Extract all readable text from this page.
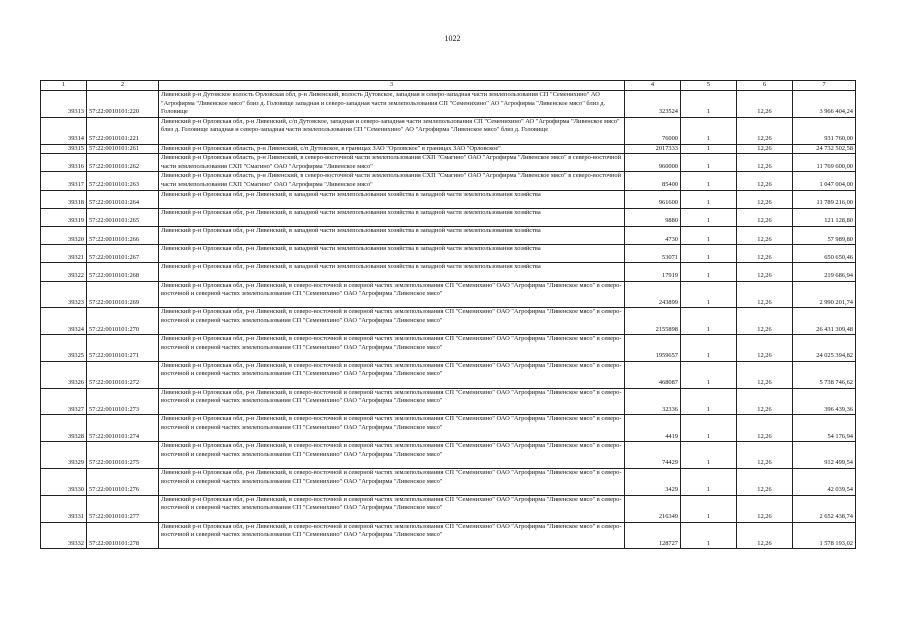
1022
1	2	3	4	5	6	7
39313	57:22:0010101:220	Ливенский р-н Дутовское волость Орловская обл, р-н Ливенский, волость Дутовское, западная и северо-западная части землепользования СП "Семенихино" АО "Агрофирма "Ливенское мясо" близ д. Головище западная и северо-западная части землепользования СП "Семенихино" АО "Агрофирма "Ливенское мясо" близ д. Головище	323524	1	12,26	3 966 404,24
39314	57:22:0010101:221	Ливенский р-н Орловская обл, р-н Ливенский, с/п Дутовское, западная и северо-западная части землепользования СП "Семенихино" АО "Агрофирма "Ливенское мясо" близ д. Головище западная и северо-западная части землепользования СП "Семенихино" АО "Агрофирма "Ливенское мясо" близ д. Головище	76000	1	12,26	931 760,00
39315	57:22:0010101:261	Ливенский р-н Орловская область, р-н Ливенский, с/п Дутовское, в границах ЗАО "Орловское" в границах ЗАО "Орловское"	2017333	1	12,26	24 732 502,58
39316	57:22:0010101:262	Ливенский р-н Орловская область, р-н Ливенский, в северо-восточной части землепользования СХП "Смагино" ОАО "Агрофирма "Ливенское мясо" в северо-восточной части землепользования СХП "Смагино" ОАО "Агрофирма "Ливенское мясо"	960000	1	12,26	11 769 600,00
39317	57:22:0010101:263	Ливенский р-н Орловская область, р-н Ливенский, в северо-восточной части землепользования СХП "Смагино" ОАО "Агрофирма "Ливенское мясо" в северо-восточной части землепользования СХП "Смагино" ОАО "Агрофирма "Ливенское мясо"	85400	1	12,26	1 047 004,00
39318	57:22:0010101:264	Ливенский р-н Орловская обл, р-н Ливенский, в западной части землепользования хозяйства в западной части землепользования хозяйства	961600	1	12,26	11 789 216,00
39319	57:22:0010101:265	Ливенский р-н Орловская обл, р-н Ливенский, в западной части землепользования хозяйства в западной части землепользования хозяйства	9880	1	12,26	121 128,80
39320	57:22:0010101:266	Ливенский р-н Орловская обл, р-н Ливенский, в западной части землепользования хозяйства в западной части землепользования хозяйства	4730	1	12,26	57 989,80
39321	57:22:0010101:267	Ливенский р-н Орловская обл, р-н Ливенский, в западной части землепользования хозяйства в западной части землепользования хозяйства	53071	1	12,26	650 650,46
39322	57:22:0010101:268	Ливенский р-н Орловская обл, р-н Ливенский, в западной части землепользования хозяйства в западной части землепользования хозяйства	17919	1	12,26	219 686,94
39323	57:22:0010101:269	Ливенский р-н Орловская обл, р-н Ливенский, в северо-восточной и северной частях землепользования СП "Семенихино" ОАО "Агрофирма "Ливенское мясо" в северо-восточной и северной частях землепользования СП "Семенихино" ОАО "Агрофирма "Ливенское мясо"	243899	1	12,26	2 990 201,74
39324	57:22:0010101:270	Ливенский р-н Орловская обл, р-н Ливенский, в северо-восточной и северной частях землепользования СП "Семенихино" ОАО "Агрофирма "Ливенское мясо" в северо-восточной и северной частях землепользования СП "Семенихино" ОАО "Агрофирма "Ливенское мясо"	2155898	1	12,26	26 431 309,48
39325	57:22:0010101:271	Ливенский р-н Орловская обл, р-н Ливенский, в северо-восточной и северной частях землепользования СП "Семенихино" ОАО "Агрофирма "Ливенское мясо" в северо-восточной и северной частях землепользования СП "Семенихино" ОАО "Агрофирма "Ливенское мясо"	1959657	1	12,26	24 025 394,82
39326	57:22:0010101:272	Ливенский р-н Орловская обл, р-н Ливенский, в северо-восточной и северной частях землепользования СП "Семенихино" ОАО "Агрофирма "Ливенское мясо" в северо-восточной и северной частях землепользования СП "Семенихино" ОАО "Агрофирма "Ливенское мясо"	468087	1	12,26	5 738 746,62
39327	57:22:0010101:273	Ливенский р-н Орловская обл, р-н Ливенский, в северо-восточной и северной частях землепользования СП "Семенихино" ОАО "Агрофирма "Ливенское мясо" в северо-восточной и северной частях землепользования СП "Семенихино" ОАО "Агрофирма "Ливенское мясо"	32336	1	12,26	396 439,36
39328	57:22:0010101:274	Ливенский р-н Орловская обл, р-н Ливенский, в северо-восточной и северной частях землепользования СП "Семенихино" ОАО "Агрофирма "Ливенское мясо" в северо-восточной и северной частях землепользования СП "Семенихино" ОАО "Агрофирма "Ливенское мясо"	4419	1	12,26	54 176,94
39329	57:22:0010101:275	Ливенский р-н Орловская обл, р-н Ливенский, в северо-восточной и северной частях землепользования СП "Семенихино" ОАО "Агрофирма "Ливенское мясо" в северо-восточной и северной частях землепользования СП "Семенихино" ОАО "Агрофирма "Ливенское мясо"	74429	1	12,26	912 499,54
39330	57:22:0010101:276	Ливенский р-н Орловская обл, р-н Ливенский, в северо-восточной и северной частях землепользования СП "Семенихино" ОАО "Агрофирма "Ливенское мясо" в северо-восточной и северной частях землепользования СП "Семенихино" ОАО "Агрофирма "Ливенское мясо"	3429	1	12,26	42 039,54
39331	57:22:0010101:277	Ливенский р-н Орловская обл, р-н Ливенский, в северо-восточной и северной частях землепользования СП "Семенихино" ОАО "Агрофирма "Ливенское мясо" в северо-восточной и северной частях землепользования СП "Семенихино" ОАО "Агрофирма "Ливенское мясо"	216349	1	12,26	2 652 438,74
39332	57:22:0010101:278	Ливенский р-н Орловская обл, р-н Ливенский, в северо-восточной и северной частях землепользования СП "Семенихино" ОАО "Агрофирма "Ливенское мясо" в северо-восточной и северной частях землепользования СП "Семенихино" ОАО "Агрофирма "Ливенское мясо"	128727	1	12,26	1 578 193,02
